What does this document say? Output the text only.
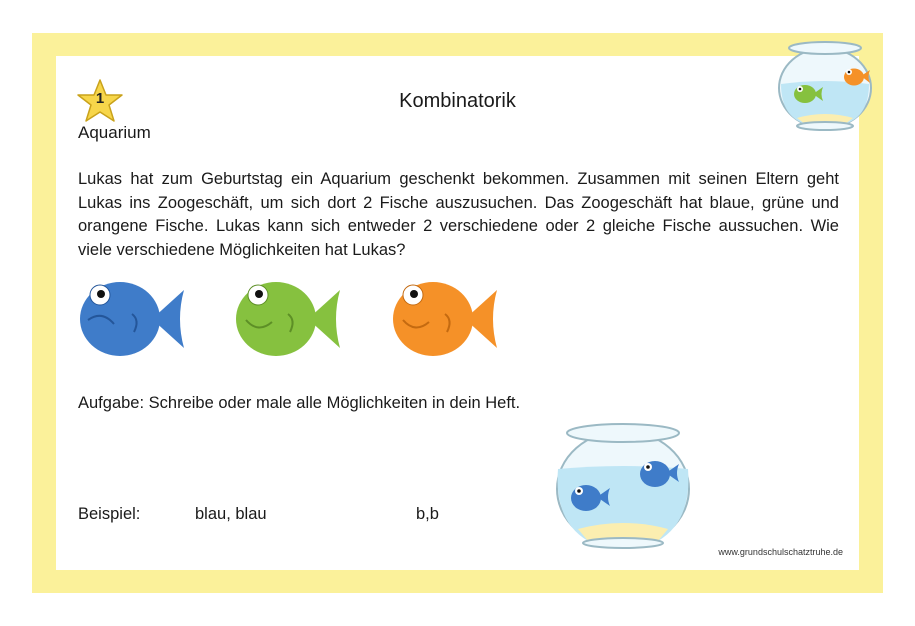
1	Kombinatorik
Aquarium

Lukas hat zum Geburtstag ein Aquarium geschenkt bekommen. Zusammen mit seinen Eltern geht Lukas ins Zoogeschäft, um sich dort 2 Fische auszusuchen. Das Zoogeschäft hat blaue, grüne und orangene Fische. Lukas kann sich entweder 2 verschiedene oder 2 gleiche Fische aussuchen. Wie viele verschiedene Möglichkeiten hat Lukas?

Aufgabe: Schreibe oder male alle Möglichkeiten in dein Heft.
Beispiel:	blau, blau	b,b
www.grundschulschatztruhe.de
